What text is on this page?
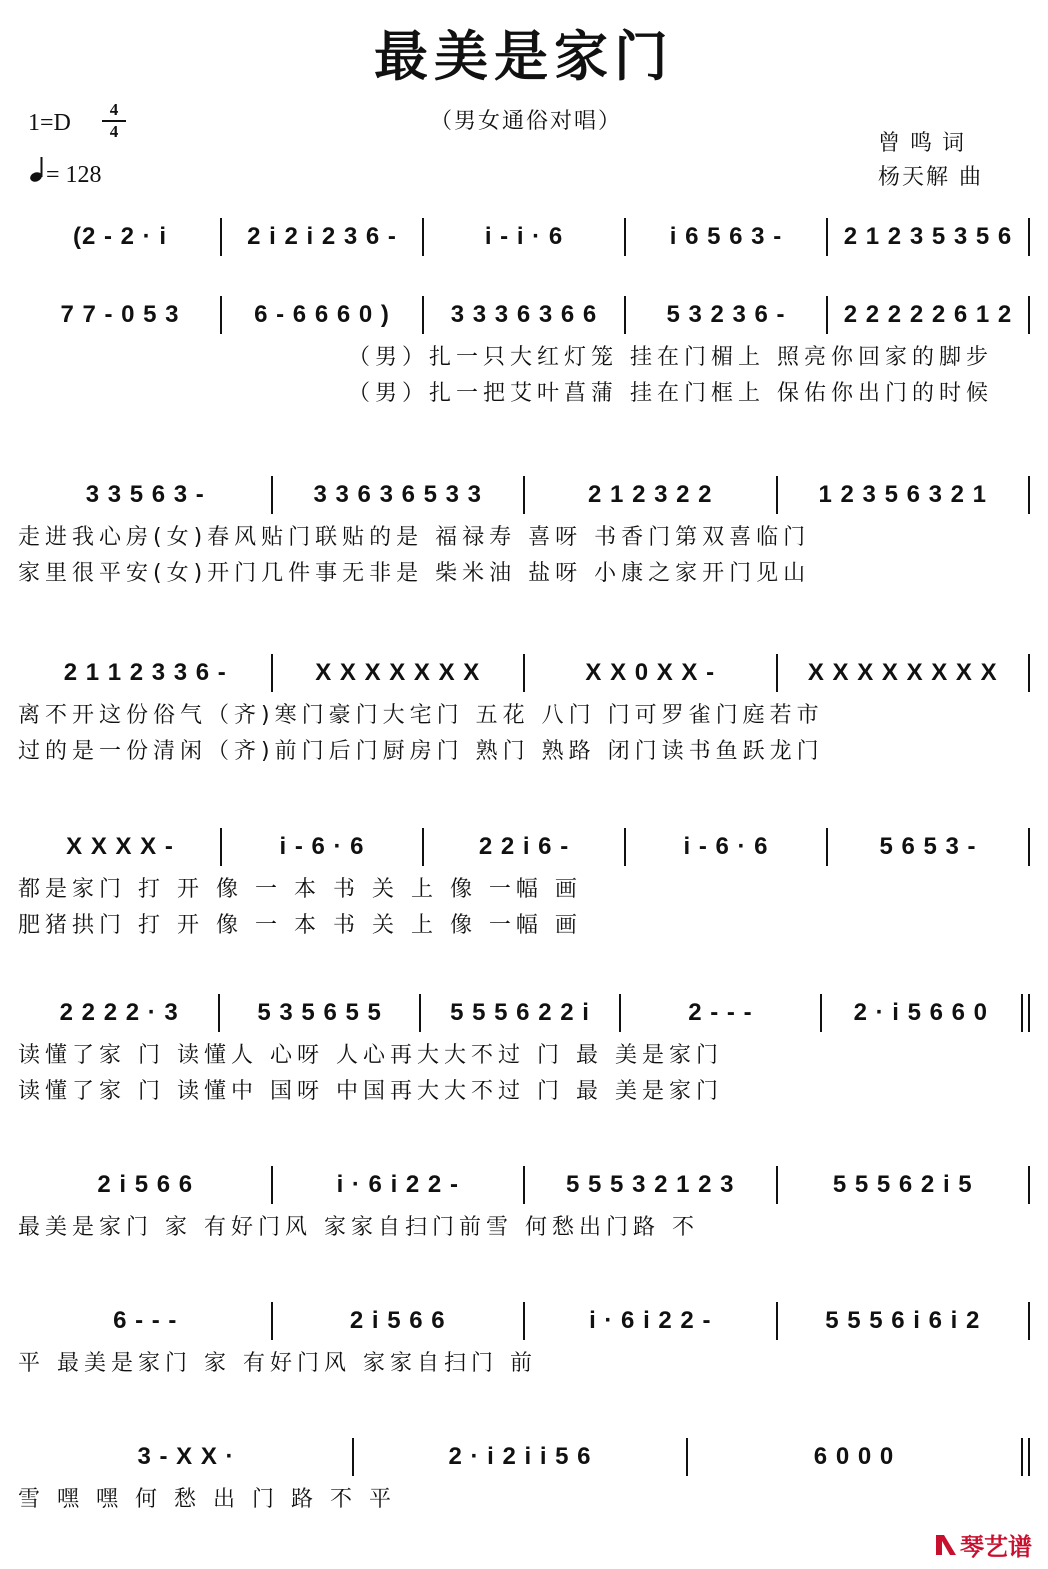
最美是家门
（男女通俗对唱）
1=D
4
4
= 128
曾鸣词
杨天解 曲
(2 - 2 · i	2 i 2 i 2 3 6 -	i - i · 6	i 6 5 6 3 -	2 1 2 3 5 3 5 6
7 7 - 0 5 3	6 - 6 6 6 0 )	3 3 3 6 3 6 6	5 3 2 3 6 -	2 2 2 2 2 6 1 2
（男）扎一只大红灯笼 挂在门楣上 照亮你回家的脚步
（男）扎一把艾叶菖蒲 挂在门框上 保佑你出门的时候
3 3 5 6 3 -	3 3 6 3 6 5 3 3	2 1 2 3 2 2	1 2 3 5 6 3 2 1
走进我心房(女)春风贴门联贴的是 福禄寿 喜呀 书香门第双喜临门
家里很平安(女)开门几件事无非是 柴米油 盐呀 小康之家开门见山
2 1 1 2 3 3 6 -	X X X X X X X	X X 0 X X -	X X X X X X X X
离不开这份俗气（齐)寒门豪门大宅门 五花 八门 门可罗雀门庭若市
过的是一份清闲（齐)前门后门厨房门 熟门 熟路 闭门读书鱼跃龙门
X X X X -	i - 6 · 6	2 2 i 6 -	i - 6 · 6	5 6 5 3 -
都是家门 打 开 像 一 本 书 关 上 像 一幅 画
肥猪拱门 打 开 像 一 本 书 关 上 像 一幅 画
2 2 2 2 · 3	5 3 5 6 5 5	5 5 5 6 2 2 i	2 - - -	2 · i 5 6 6 0
读懂了家 门 读懂人 心呀 人心再大大不过 门 最 美是家门
读懂了家 门 读懂中 国呀 中国再大大不过 门 最 美是家门
2 i 5 6 6	i · 6 i 2 2 -	5 5 5 3 2 1 2 3	5 5 5 6 2 i 5
最美是家门 家 有好门风 家家自扫门前雪 何愁出门路 不
6 - - -	2 i 5 6 6	i · 6 i 2 2 -	5 5 5 6 i 6 i 2
平 最美是家门 家 有好门风 家家自扫门 前
3 - X X ·	2 · i 2 i i 5 6	6 0 0 0
雪 嘿 嘿 何 愁 出 门 路 不 平
琴艺谱
